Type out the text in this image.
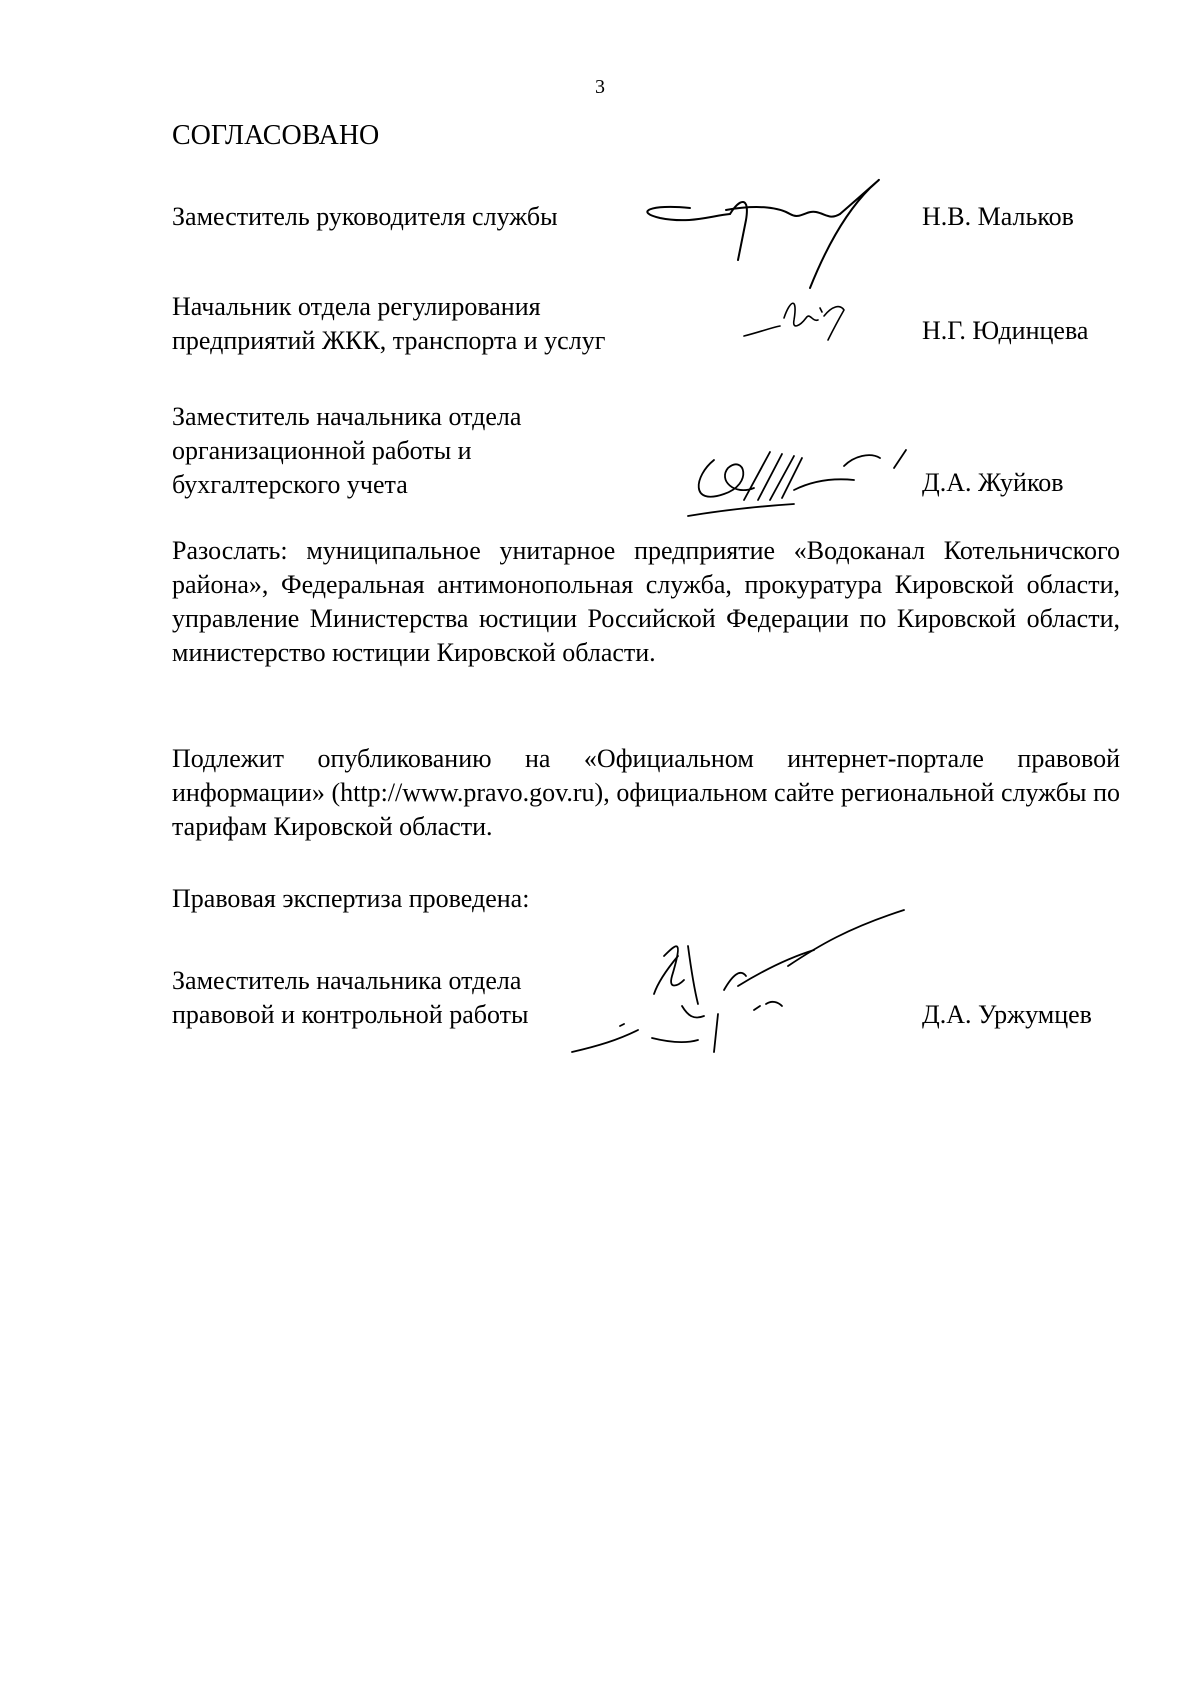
3
СОГЛАСОВАНО
Заместитель руководителя службы	Н.В. Мальков
Начальник отдела регулирования
предприятий ЖКК, транспорта и услуг	Н.Г. Юдинцева
Заместитель начальника отдела
организационной работы и
бухгалтерского учета	Д.А. Жуйков
Разослать: муниципальное унитарное предприятие «Водоканал Котельничского района», Федеральная антимонопольная служба, прокуратура Кировской области, управление Министерства юстиции Российской Федерации по Кировской области, министерство юстиции Кировской области.
Подлежит опубликованию на «Официальном интернет-портале правовой информации» (http://www.pravo.gov.ru), официальном сайте региональной службы по тарифам Кировской области.
Правовая экспертиза проведена:
Заместитель начальника отдела
правовой и контрольной работы	Д.А. Уржумцев
